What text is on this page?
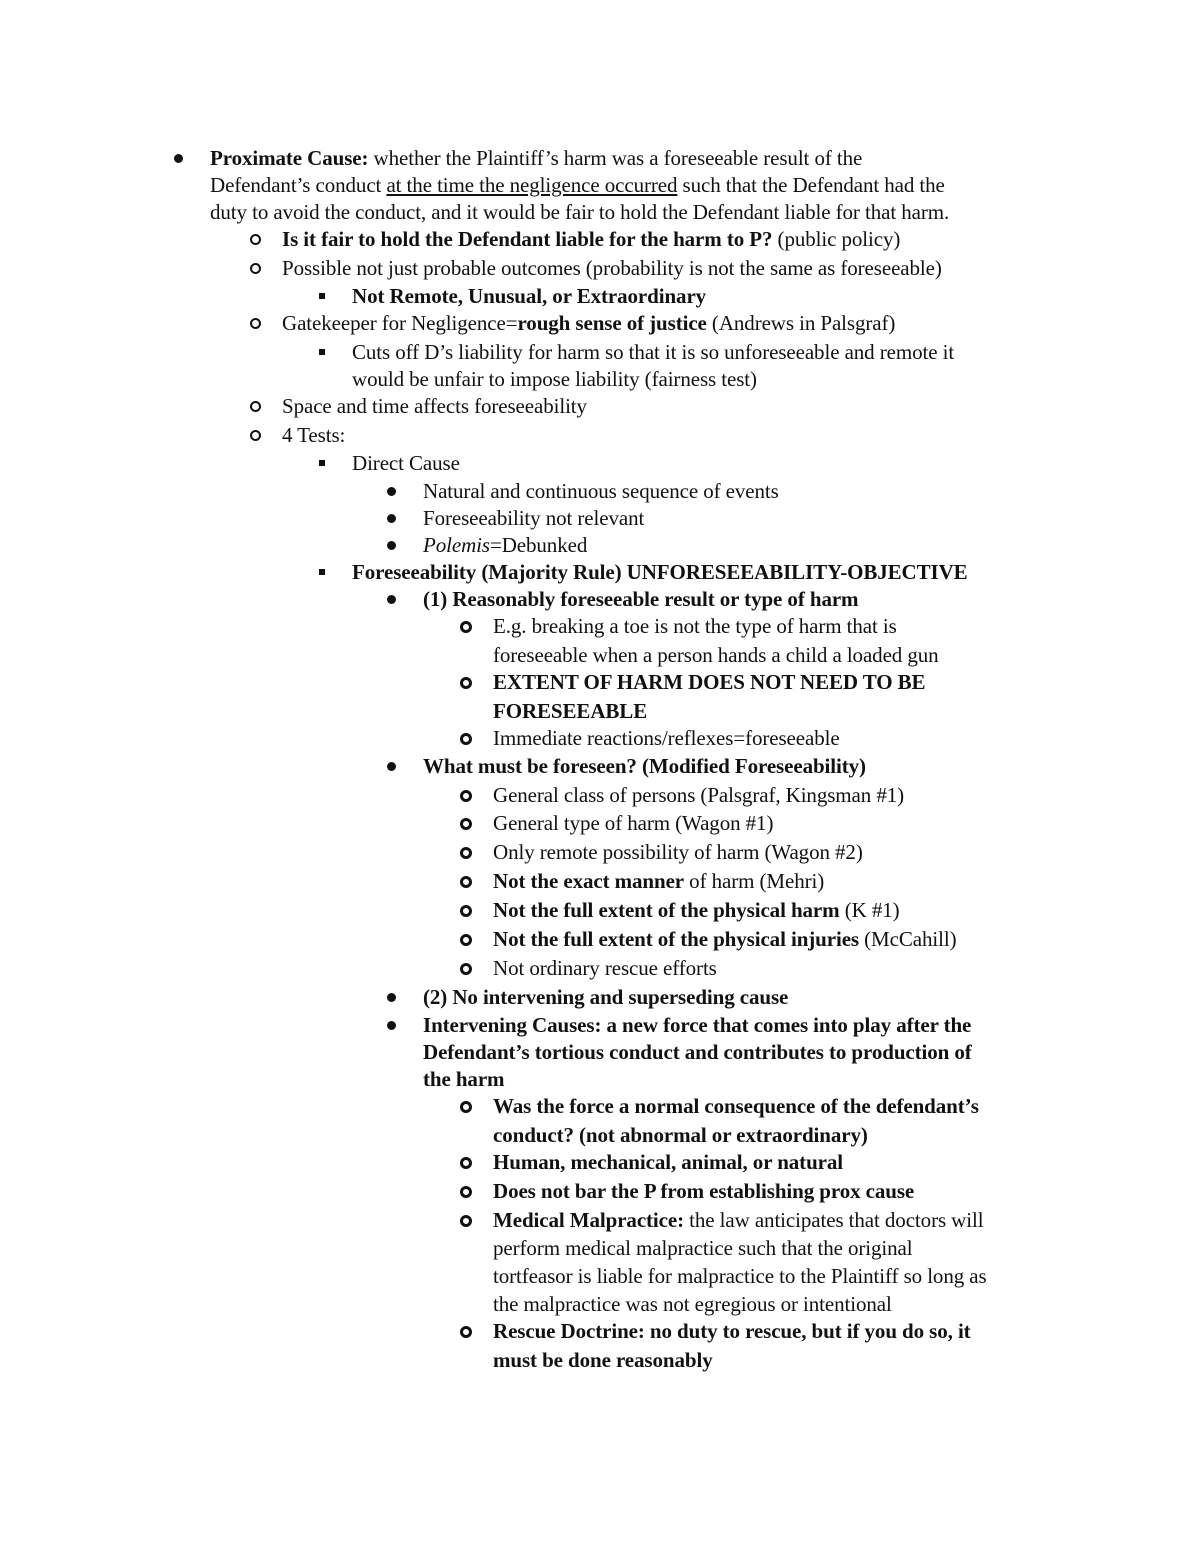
Proximate Cause: whether the Plaintiff’s harm was a foreseeable result of the
Defendant’s conduct at the time the negligence occurred such that the Defendant had the
duty to avoid the conduct, and it would be fair to hold the Defendant liable for that harm.
Is it fair to hold the Defendant liable for the harm to P? (public policy)
Possible not just probable outcomes (probability is not the same as foreseeable)
Not Remote, Unusual, or Extraordinary
Gatekeeper for Negligence=rough sense of justice (Andrews in Palsgraf)
Cuts off D’s liability for harm so that it is so unforeseeable and remote it
would be unfair to impose liability (fairness test)
Space and time affects foreseeability
4 Tests:
Direct Cause
Natural and continuous sequence of events
Foreseeability not relevant
Polemis=Debunked
Foreseeability (Majority Rule) UNFORESEEABILITY-OBJECTIVE
(1) Reasonably foreseeable result or type of harm
E.g. breaking a toe is not the type of harm that is
foreseeable when a person hands a child a loaded gun
EXTENT OF HARM DOES NOT NEED TO BE
FORESEEABLE
Immediate reactions/reflexes=foreseeable
What must be foreseen? (Modified Foreseeability)
General class of persons (Palsgraf, Kingsman #1)
General type of harm (Wagon #1)
Only remote possibility of harm (Wagon #2)
Not the exact manner of harm (Mehri)
Not the full extent of the physical harm (K #1)
Not the full extent of the physical injuries (McCahill)
Not ordinary rescue efforts
(2) No intervening and superseding cause
Intervening Causes: a new force that comes into play after the
Defendant’s tortious conduct and contributes to production of
the harm
Was the force a normal consequence of the defendant’s
conduct? (not abnormal or extraordinary)
Human, mechanical, animal, or natural
Does not bar the P from establishing prox cause
Medical Malpractice: the law anticipates that doctors will
perform medical malpractice such that the original
tortfeasor is liable for malpractice to the Plaintiff so long as
the malpractice was not egregious or intentional
Rescue Doctrine: no duty to rescue, but if you do so, it
must be done reasonably
